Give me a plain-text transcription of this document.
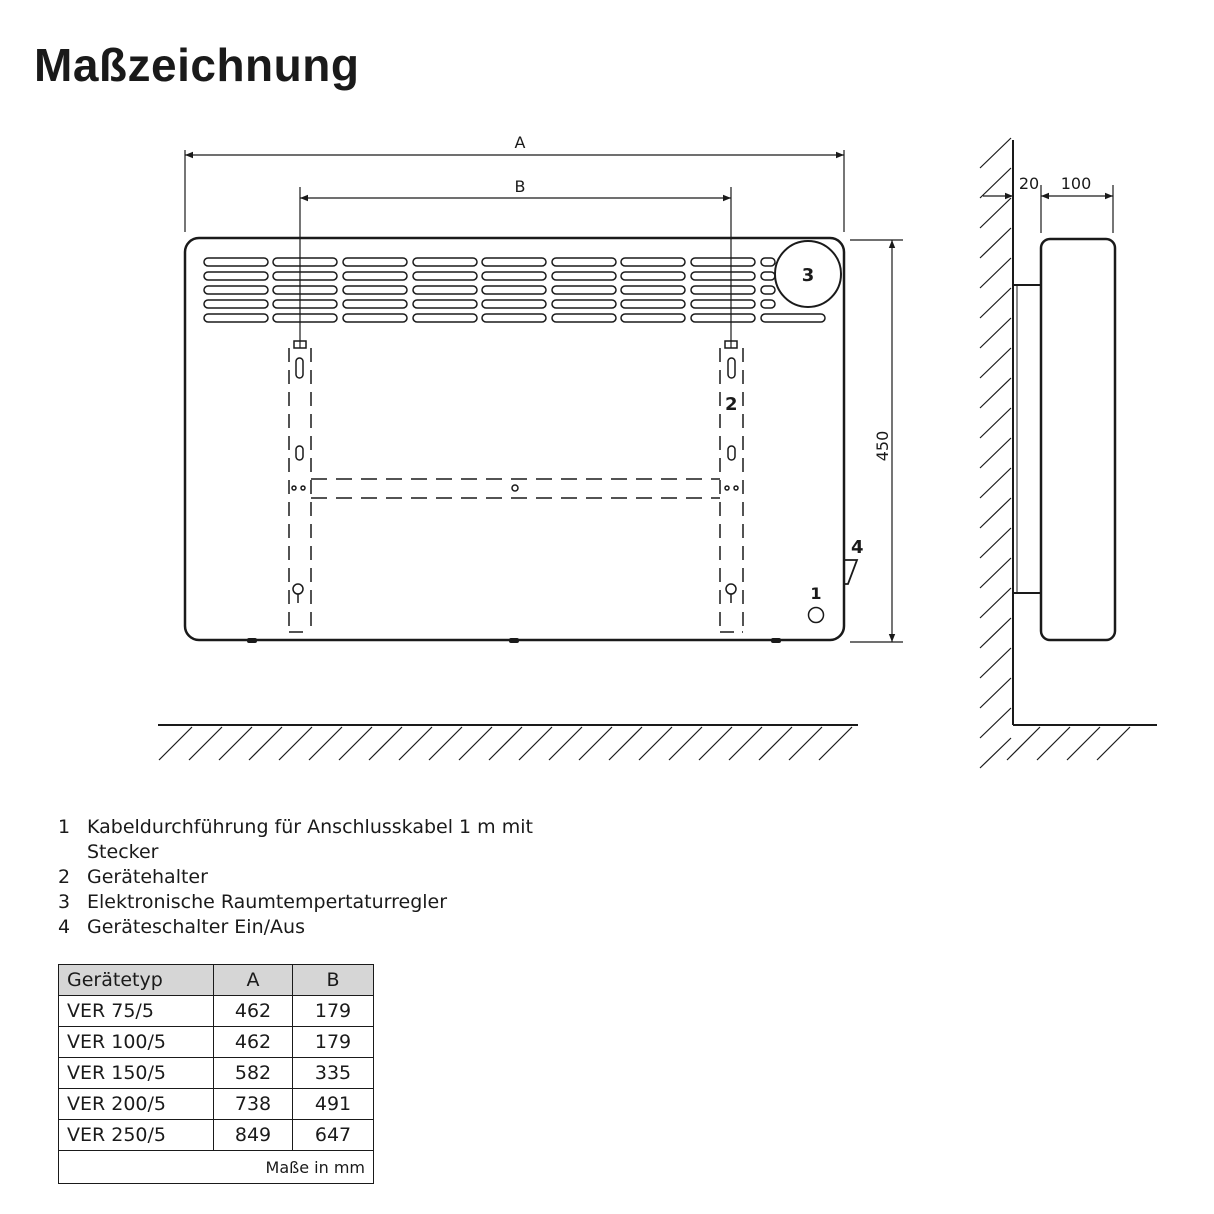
Maßzeichnung
3
2
1
4
A
B
450
20 100
1 Kabeldurchführung für Anschlusskabel 1 m mit Stecker
2 Gerätehalter
3 Elektronische Raumtempertaturregler
4 Geräteschalter Ein/Aus
Gerätetyp	A	B
VER 75/5	462	179
VER 100/5	462	179
VER 150/5	582	335
VER 200/5	738	491
VER 250/5	849	647
Maße in mm		
